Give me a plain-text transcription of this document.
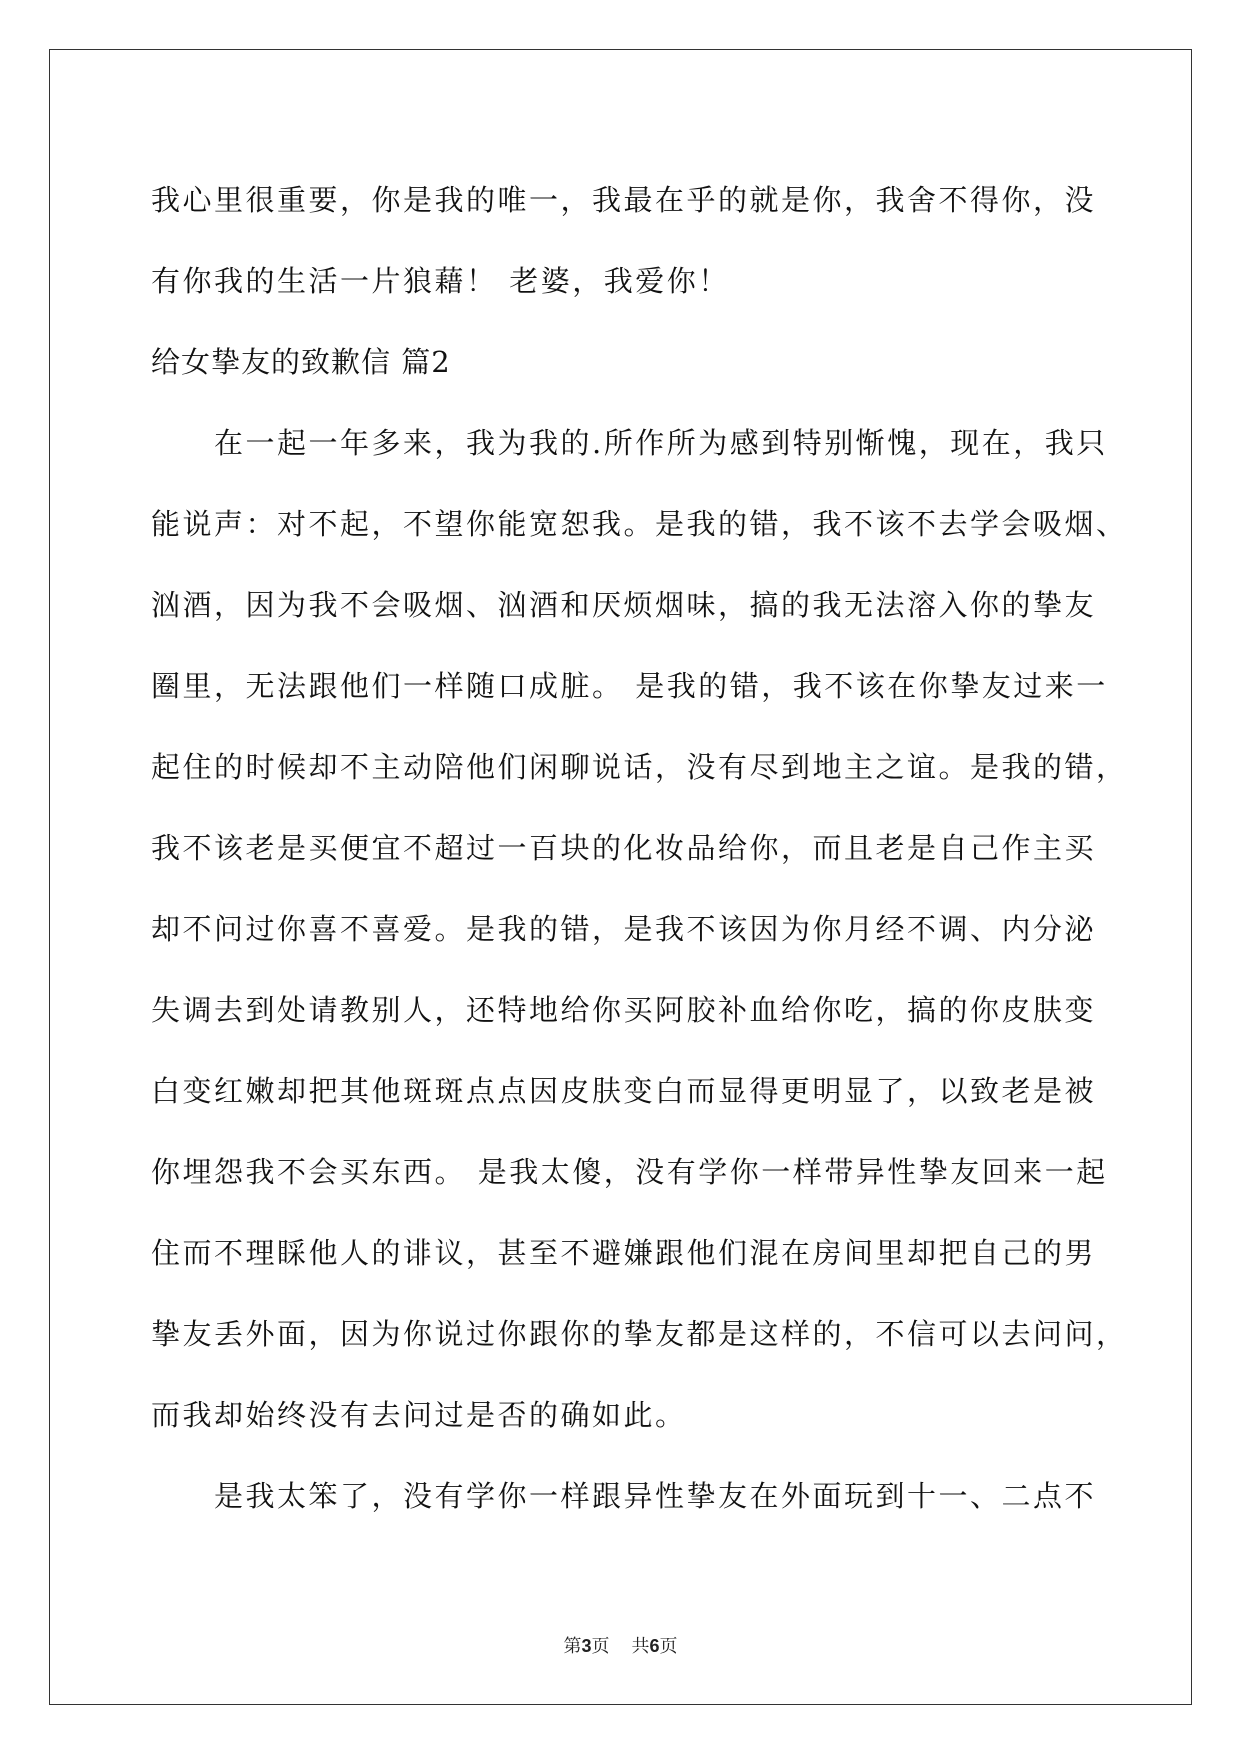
我心里很重要，你是我的唯一，我最在乎的就是你，我舍不得你，没

有你我的生活一片狼藉！ 老婆，我爱你！

给女挚友的致歉信 篇2

在一起一年多来，我为我的.所作所为感到特别惭愧，现在，我只

能说声：对不起，不望你能宽恕我。是我的错，我不该不去学会吸烟、

汹酒，因为我不会吸烟、汹酒和厌烦烟味，搞的我无法溶入你的挚友

圈里，无法跟他们一样随口成脏。 是我的错，我不该在你挚友过来一

起住的时候却不主动陪他们闲聊说话，没有尽到地主之谊。是我的错，

我不该老是买便宜不超过一百块的化妆品给你，而且老是自己作主买

却不问过你喜不喜爱。是我的错，是我不该因为你月经不调、内分泌

失调去到处请教别人，还特地给你买阿胶补血给你吃，搞的你皮肤变

白变红嫩却把其他斑斑点点因皮肤变白而显得更明显了，以致老是被

你埋怨我不会买东西。 是我太傻，没有学你一样带异性挚友回来一起

住而不理睬他人的诽议，甚至不避嫌跟他们混在房间里却把自己的男

挚友丢外面，因为你说过你跟你的挚友都是这样的，不信可以去问问，

而我却始终没有去问过是否的确如此。

是我太笨了，没有学你一样跟异性挚友在外面玩到十一、二点不

第3页 共6页
